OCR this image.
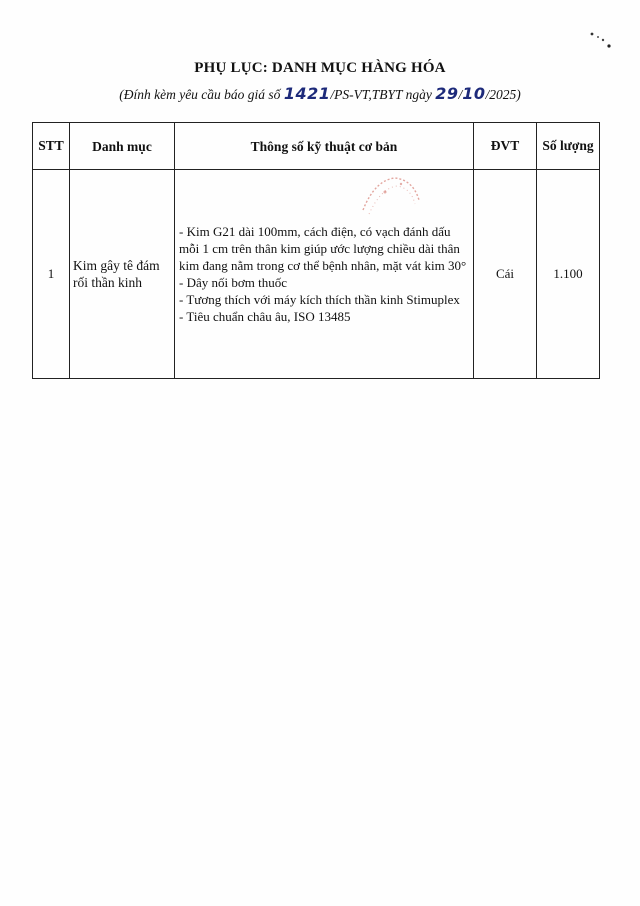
PHỤ LỤC: DANH MỤC HÀNG HÓA
(Đính kèm yêu cầu báo giá số 1421/PS-VT,TBYT ngày 29/10/2025)
STT	Danh mục	Thông số kỹ thuật cơ bản	ĐVT	Số lượng
1	Kim gây tê đám rối thần kinh	- Kim G21 dài 100mm, cách điện, có vạch đánh dấu mỗi 1 cm trên thân kim giúp ước lượng chiều dài thân kim đang nằm trong cơ thể bệnh nhân, mặt vát kim 30°
- Dây nối bơm thuốc
- Tương thích với máy kích thích thần kinh Stimuplex
- Tiêu chuẩn châu âu, ISO 13485	Cái	1.100
